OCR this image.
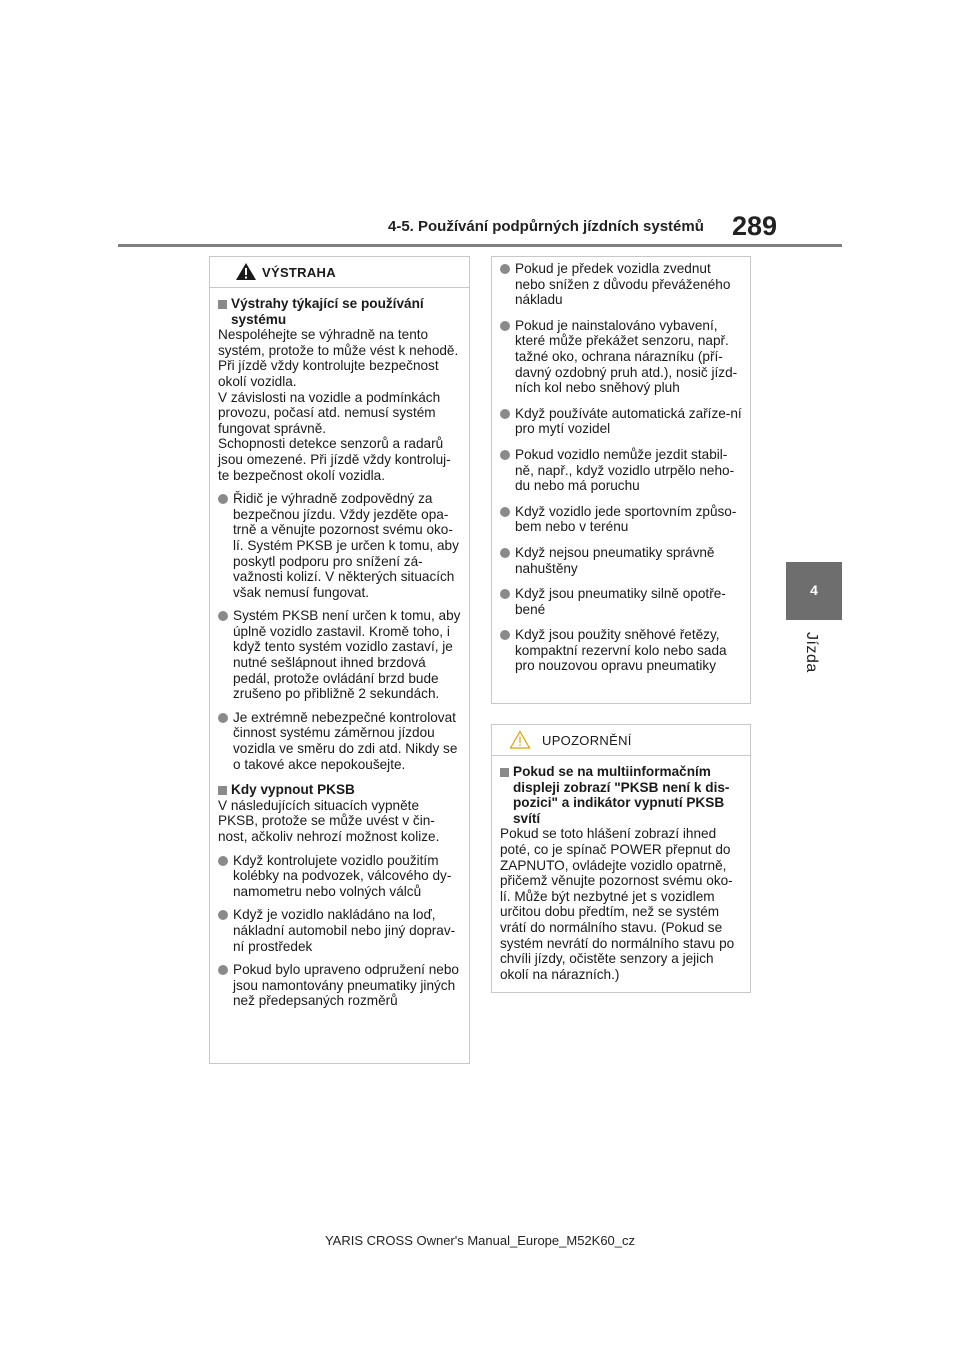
4-5. Používání podpůrných jízdních systémů 289
4
Jízda
VÝSTRAHA
Výstrahy týkající se používání systému

Nespoléhejte se výhradně na tento systém, protože to může vést k nehodě. Při jízdě vždy kontrolujte bezpečnost okolí vozidla.

V závislosti na vozidle a podmínkách provozu, počasí atd. nemusí systém fungovat správně.

Schopnosti detekce senzorů a radarů jsou omezené. Při jízdě vždy kontroluj-te bezpečnost okolí vozidla.

Řidič je výhradně zodpovědný za bezpečnou jízdu. Vždy jezděte opa-trně a věnujte pozornost svému oko-lí. Systém PKSB je určen k tomu, aby poskytl podporu pro snížení zá-važnosti kolizí. V některých situacích však nemusí fungovat.
Systém PKSB není určen k tomu, aby úplně vozidlo zastavil. Kromě toho, i když tento systém vozidlo zastaví, je nutné sešlápnout ihned brzdová pedál, protože ovládání brzd bude zrušeno po přibližně 2 sekundách.
Je extrémně nebezpečné kontrolovat činnost systému záměrnou jízdou vozidla ve směru do zdi atd. Nikdy se o takové akce nepokoušejte.
Kdy vypnout PKSB

V následujících situacích vypněte PKSB, protože se může uvést v čin-nost, ačkoliv nehrozí možnost kolize.

Když kontrolujete vozidlo použitím kolébky na podvozek, válcového dy-namometru nebo volných válců
Když je vozidlo nakládáno na loď, nákladní automobil nebo jiný doprav-ní prostředek
Pokud bylo upraveno odpružení nebo jsou namontovány pneumatiky jiných než předepsaných rozměrů
Pokud je předek vozidla zvednut nebo snížen z důvodu převáženého nákladu
Pokud je nainstalováno vybavení, které může překážet senzoru, např. tažné oko, ochrana nárazníku (pří-davný ozdobný pruh atd.), nosič jízd-ních kol nebo sněhový pluh
Když používáte automatická zaříze-ní pro mytí vozidel
Pokud vozidlo nemůže jezdit stabil-ně, např., když vozidlo utrpělo neho-du nebo má poruchu
Když vozidlo jede sportovním způso-bem nebo v terénu
Když nejsou pneumatiky správně nahuštěny
Když jsou pneumatiky silně opotře-bené
Když jsou použity sněhové řetězy, kompaktní rezervní kolo nebo sada pro nouzovou opravu pneumatiky
UPOZORNĚNÍ
Pokud se na multiinformačním displeji zobrazí "PKSB není k dis-pozici" a indikátor vypnutí PKSB svítí

Pokud se toto hlášení zobrazí ihned poté, co je spínač POWER přepnut do ZAPNUTO, ovládejte vozidlo opatrně, přičemž věnujte pozornost svému oko-lí. Může být nezbytné jet s vozidlem určitou dobu předtím, než se systém vrátí do normálního stavu. (Pokud se systém nevrátí do normálního stavu po chvíli jízdy, očistěte senzory a jejich okolí na nárazních.)

YARIS CROSS Owner's Manual_Europe_M52K60_cz
